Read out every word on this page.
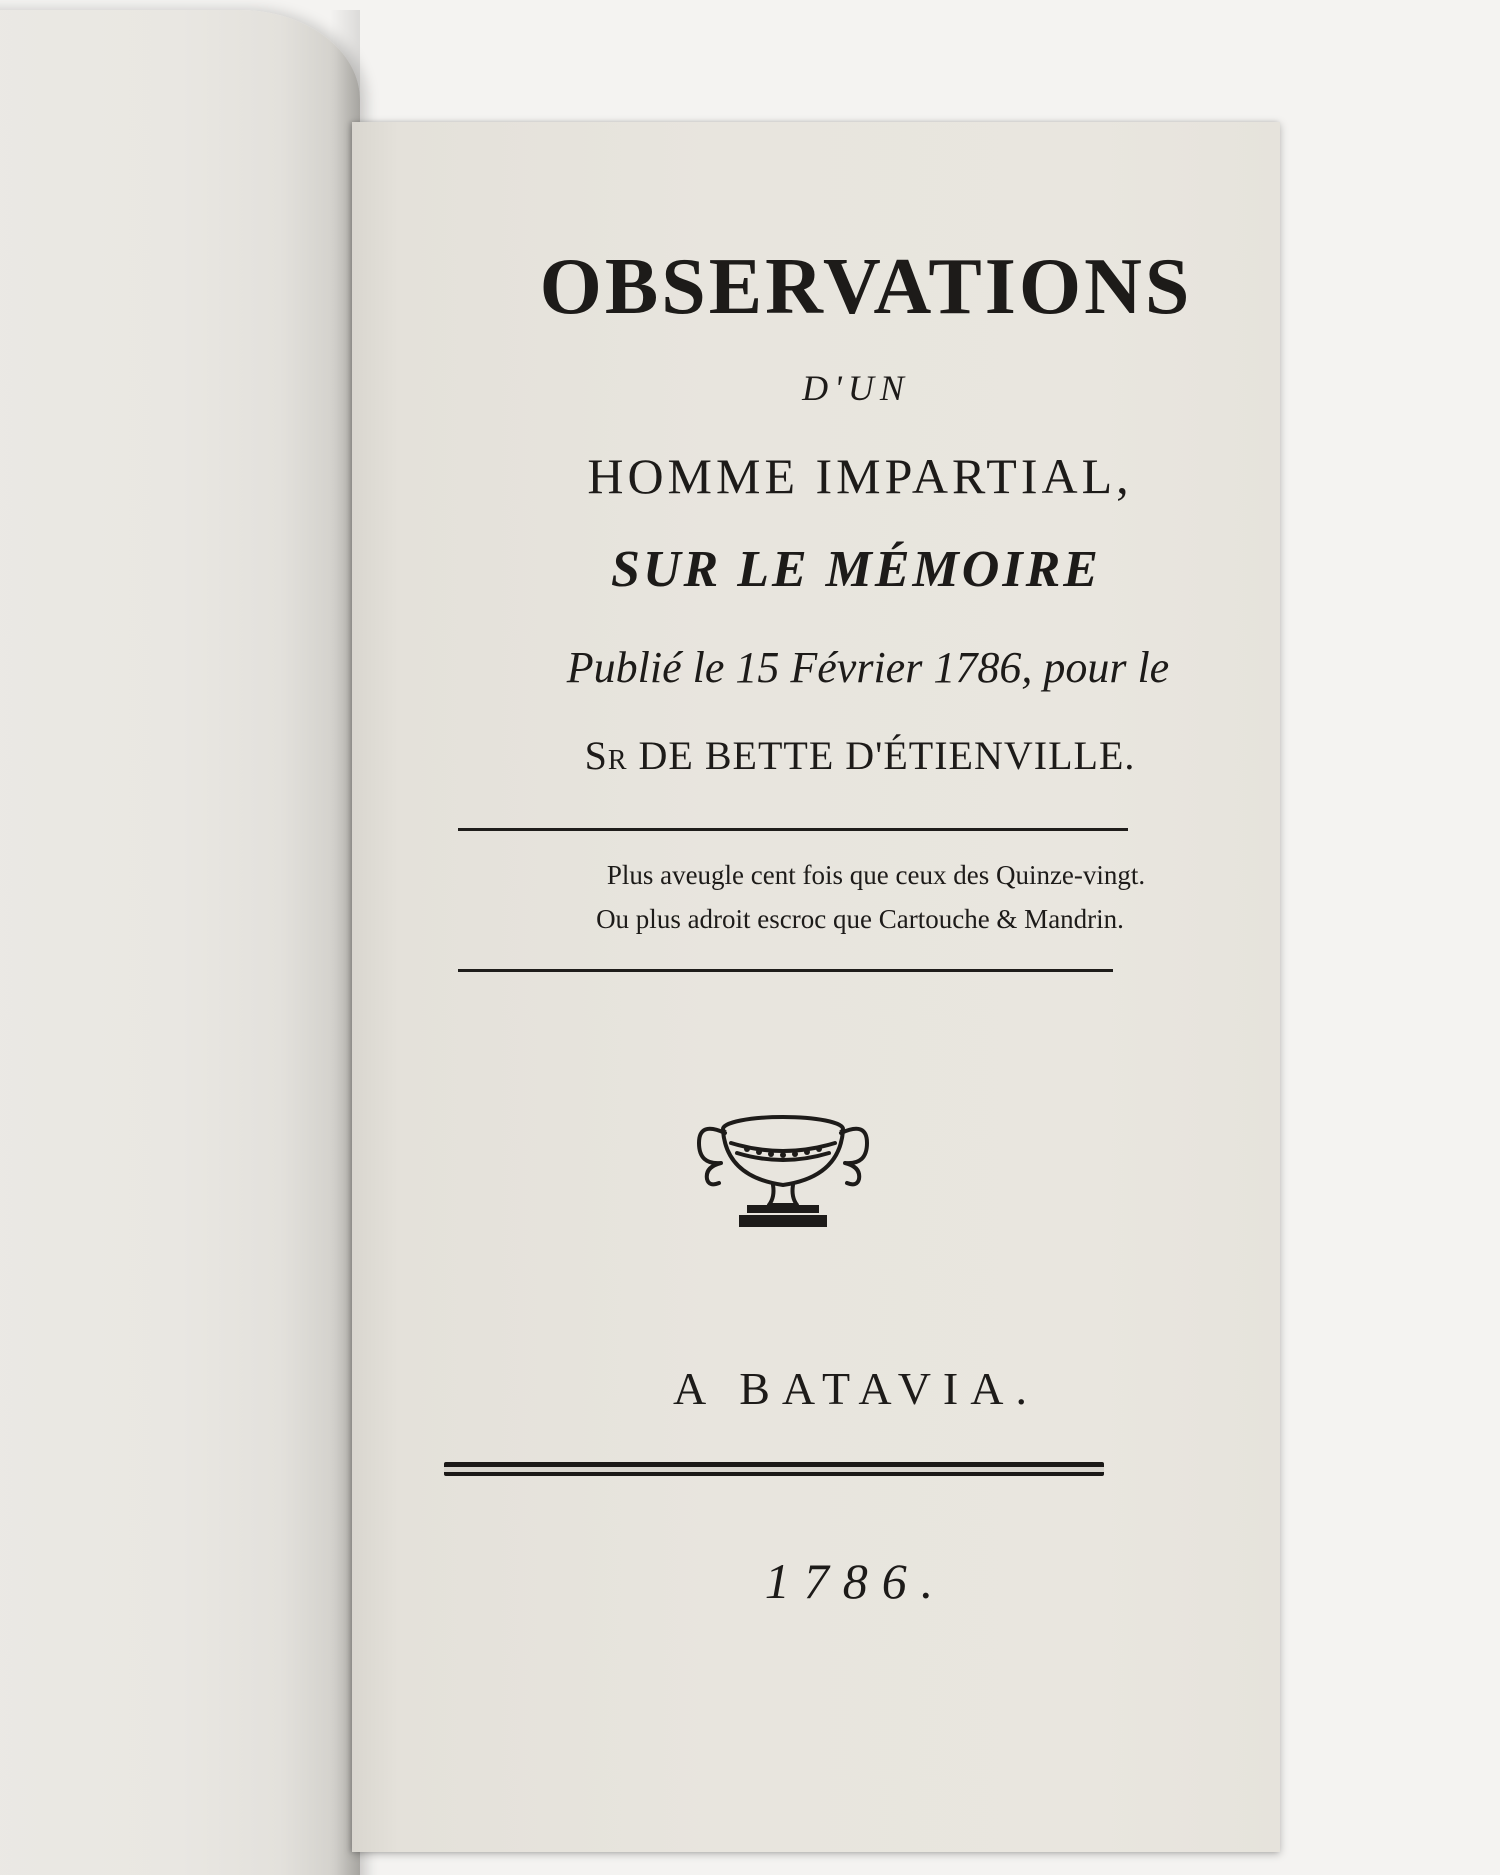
OBSERVATIONS

D'UN

HOMME IMPARTIAL,

SUR LE MÉMOIRE

Publié le 15 Février 1786, pour le

Sr DE BETTE D'ÉTIENVILLE.

Plus aveugle cent fois que ceux des Quinze-vingt.

Ou plus adroit escroc que Cartouche & Mandrin.

A BATAVIA.

1786.
